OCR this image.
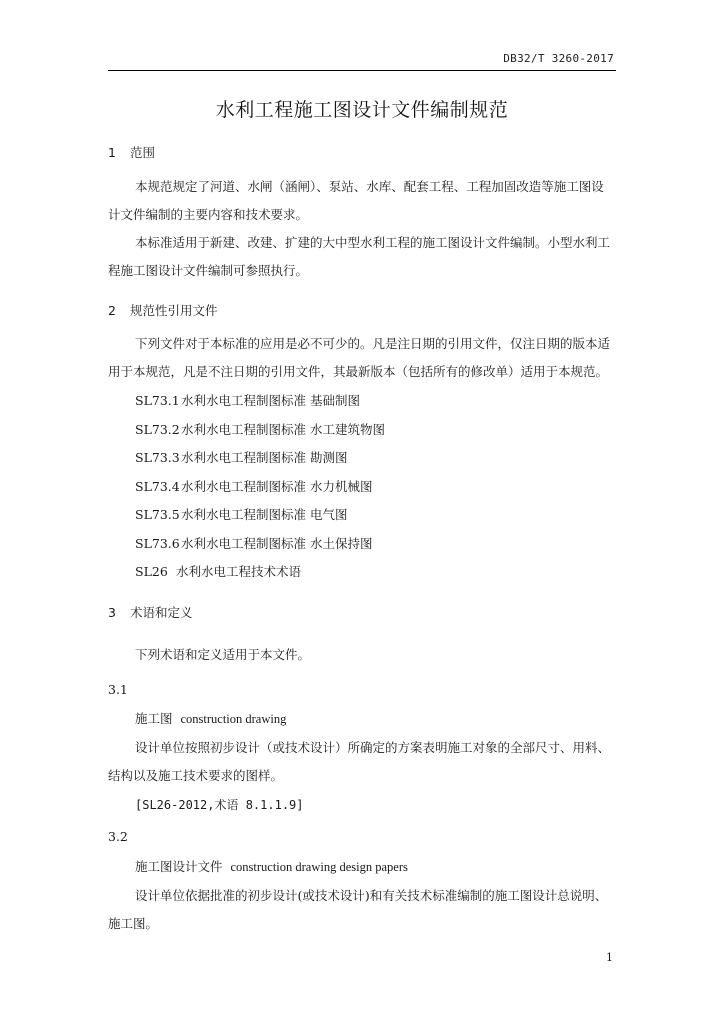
DB32/T 3260-2017
水利工程施工图设计文件编制规范
1 范围
本规范规定了河道、水闸（涵闸）、泵站、水库、配套工程、工程加固改造等施工图设
计文件编制的主要内容和技术要求。
本标准适用于新建、改建、扩建的大中型水利工程的施工图设计文件编制。小型水利工
程施工图设计文件编制可参照执行。
2 规范性引用文件
下列文件对于本标准的应用是必不可少的。凡是注日期的引用文件，仅注日期的版本适
用于本规范，凡是不注日期的引用文件，其最新版本（包括所有的修改单）适用于本规范。
SL73.1水利水电工程制图标准 基础制图
SL73.2水利水电工程制图标准 水工建筑物图
SL73.3水利水电工程制图标准 勘测图
SL73.4水利水电工程制图标准 水力机械图
SL73.5水利水电工程制图标准 电气图
SL73.6水利水电工程制图标准 水土保持图
SL26 水利水电工程技术术语
3 术语和定义
下列术语和定义适用于本文件。
3.1
施工图 construction drawing
设计单位按照初步设计（或技术设计）所确定的方案表明施工对象的全部尺寸、用料、
结构以及施工技术要求的图样。
[SL26-2012,术语 8.1.1.9]
3.2
施工图设计文件 construction drawing design papers
设计单位依据批准的初步设计(或技术设计)和有关技术标准编制的施工图设计总说明、
施工图。
1
